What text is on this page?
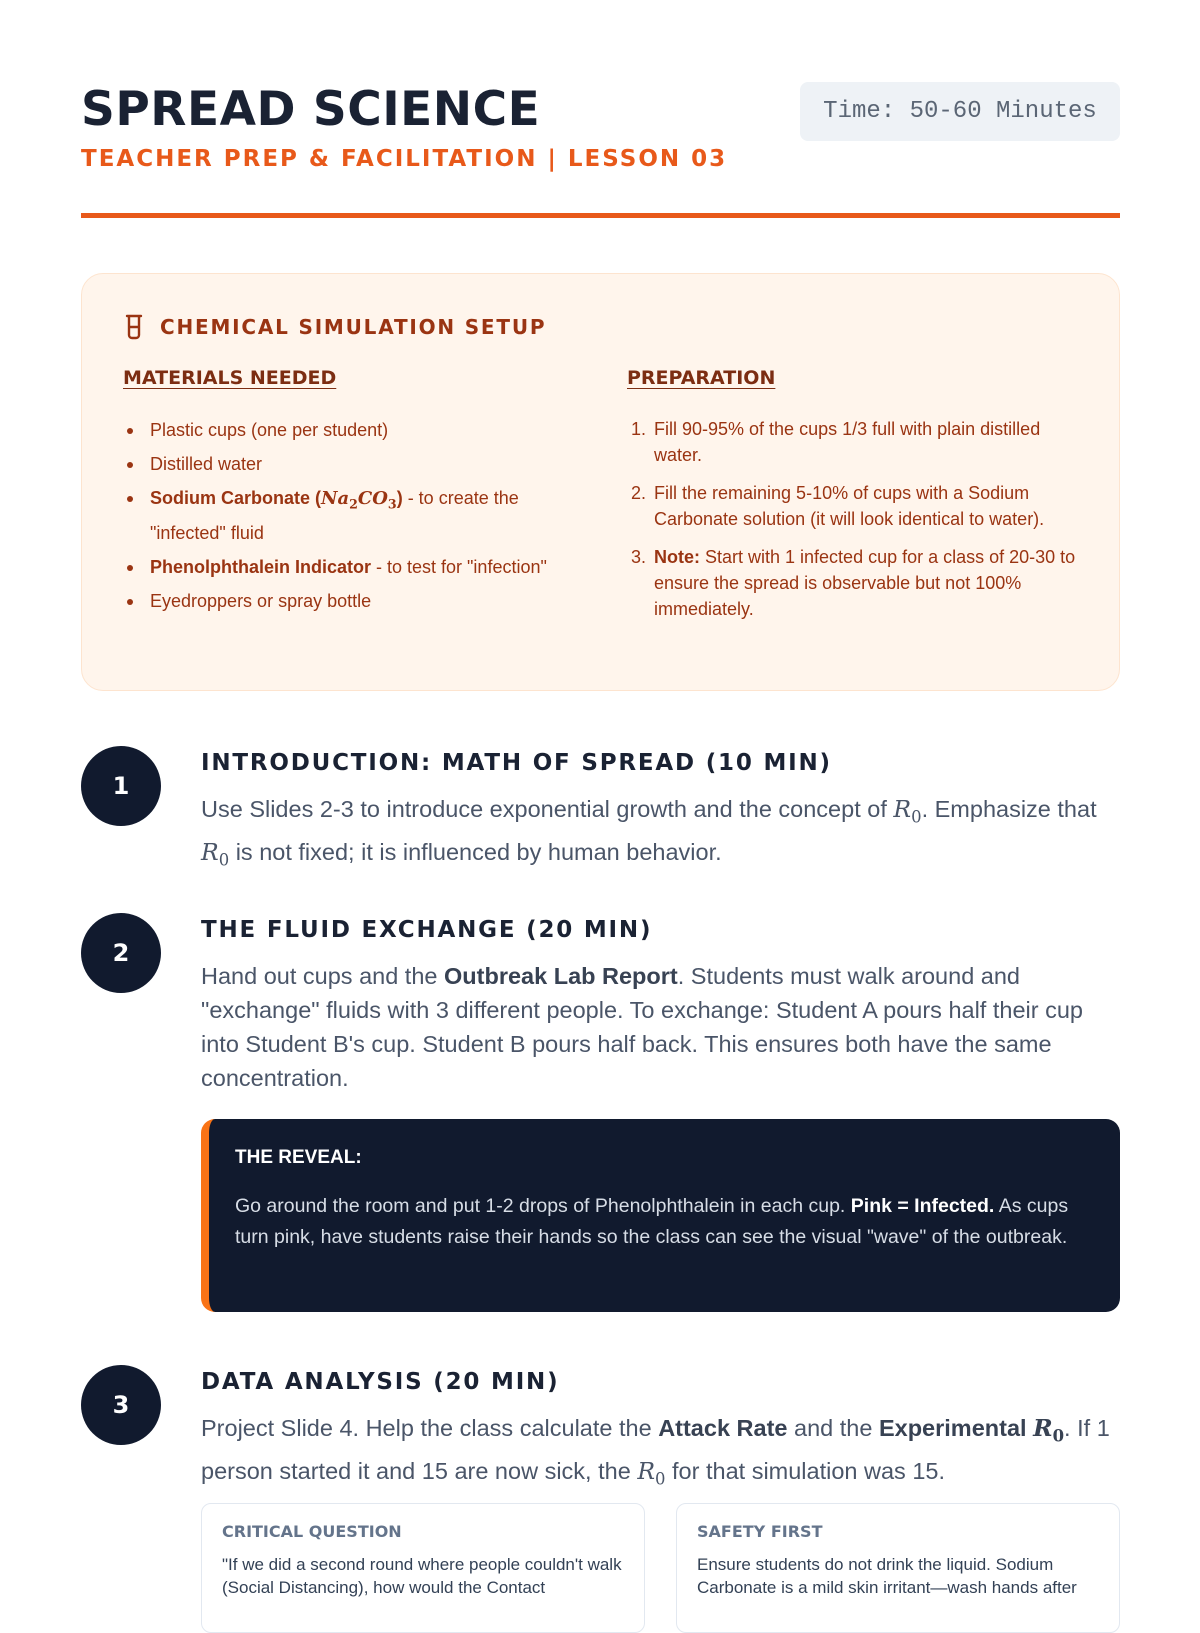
SPREAD SCIENCE
TEACHER PREP & FACILITATION | LESSON 03
Time: 50-60 Minutes
CHEMICAL SIMULATION SETUP
MATERIALS NEEDED
Plastic cups (one per student)
Distilled water
Sodium Carbonate $(Na_2CO_3)$ - to create the "infected" fluid
Phenolphthalein Indicator - to test for "infection"
Eyedroppers or spray bottle
PREPARATION
1. Fill 90-95% of the cups 1/3 full with plain distilled water.
2. Fill the remaining 5-10% of cups with a Sodium Carbonate solution (it will look identical to water).
3. Note: Start with 1 infected cup for a class of 20-30 to ensure the spread is observable but not 100% immediately.
1
INTRODUCTION: MATH OF SPREAD (10 MIN)

Use Slides 2-3 to introduce exponential growth and the concept of $R_0$. Emphasize that $R_0$ is not fixed; it is influenced by human behavior.

2
THE FLUID EXCHANGE (20 MIN)

Hand out cups and the Outbreak Lab Report. Students must walk around and "exchange" fluids with 3 different people. To exchange: Student A pours half their cup into Student B's cup. Student B pours half back. This ensures both have the same concentration.

THE REVEAL:

Go around the room and put 1-2 drops of Phenolphthalein in each cup. Pink = Infected. As cups turn pink, have students raise their hands so the class can see the visual "wave" of the outbreak.

3
DATA ANALYSIS (20 MIN)

Project Slide 4. Help the class calculate the Attack Rate and the Experimental $R_0$. If 1 person started it and 15 are now sick, the $R_0$ for that simulation was 15.

CRITICAL QUESTION

"If we did a second round where people couldn't walk (Social Distancing), how would the Contact

SAFETY FIRST

Ensure students do not drink the liquid. Sodium Carbonate is a mild skin irritant—wash hands after
